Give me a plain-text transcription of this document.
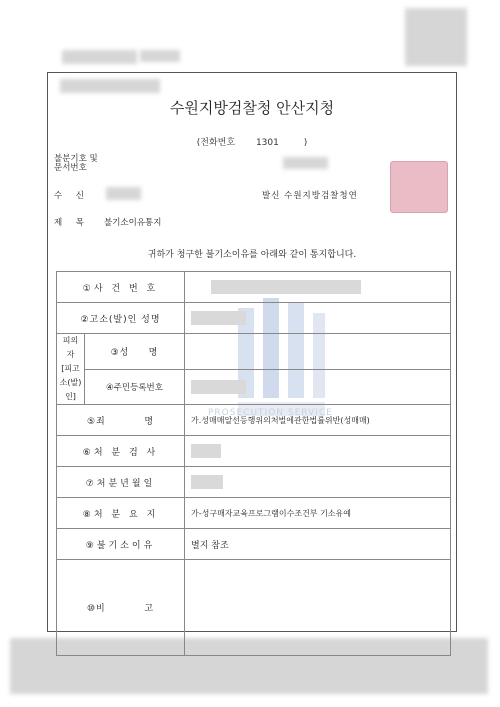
수원지방검찰청 안산지청
(전화번호 1301	)
불분기호 및
문서번호
수     신	발신 수원지방검찰청연
제     목 불기소이유통지
귀하가 청구한 불기소이유를 아래와 같이 통지합니다.
PROSECUTION SERVICE
①사 건 번 호		
②고소(발)인 성명		
피의자
[피고소(발)인]	③성     명	
	④주민등록번호	
⑤죄          명		가.성매매알선등행위의처벌에관한법률위반(성매매)
⑥처 분 검 사		
⑦처분년월일		
⑧처 분 요 지		가-성구매자교육프로그램이수조건부 기소유예
⑨불기소이유		별지 참조
⑩비          고		
